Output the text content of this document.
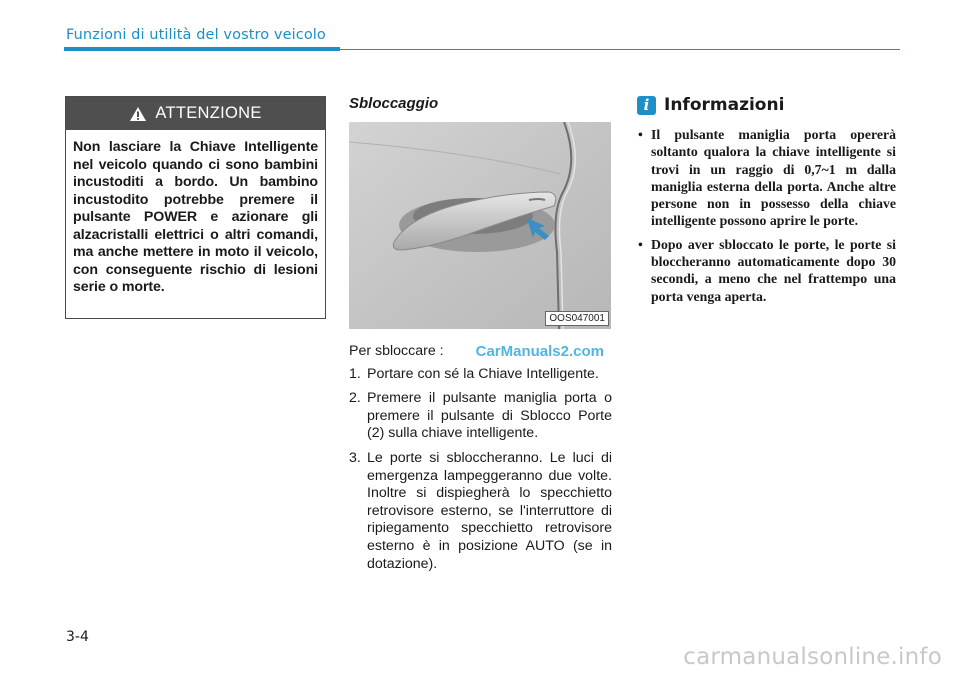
Funzioni di utilità del vostro veicolo
ATTENZIONE
Non lasciare la Chiave Intelligente nel veicolo quando ci sono bambini incustoditi a bordo. Un bambino incustodito potrebbe premere il pulsante POWER e azionare gli alzacristalli elettrici o altri comandi, ma anche mettere in moto il veicolo, con conseguente rischio di lesioni serie o morte.
Sbloccaggio
OOS047001
Per sbloccare : CarManuals2.com
1. Portare con sé la Chiave Intelligente.
2. Premere il pulsante maniglia porta o premere il pulsante di Sblocco Porte (2) sulla chiave intelligente.
3. Le porte si sbloccheranno. Le luci di emergenza lampeggeranno due volte. Inoltre si dispiegherà lo specchietto retrovisore esterno, se l'interruttore di ripiegamento specchietto retrovisore esterno è in posizione AUTO (se in dotazione).
i Informazioni
• Il pulsante maniglia porta opererà soltanto qualora la chiave intelligente si trovi in un raggio di 0,7~1 m dalla maniglia esterna della porta. Anche altre persone non in possesso della chiave intelligente possono aprire le porte.
• Dopo aver sbloccato le porte, le porte si bloccheranno automaticamente dopo 30 secondi, a meno che nel frattempo una porta venga aperta.
3-4
carmanualsonline.info
